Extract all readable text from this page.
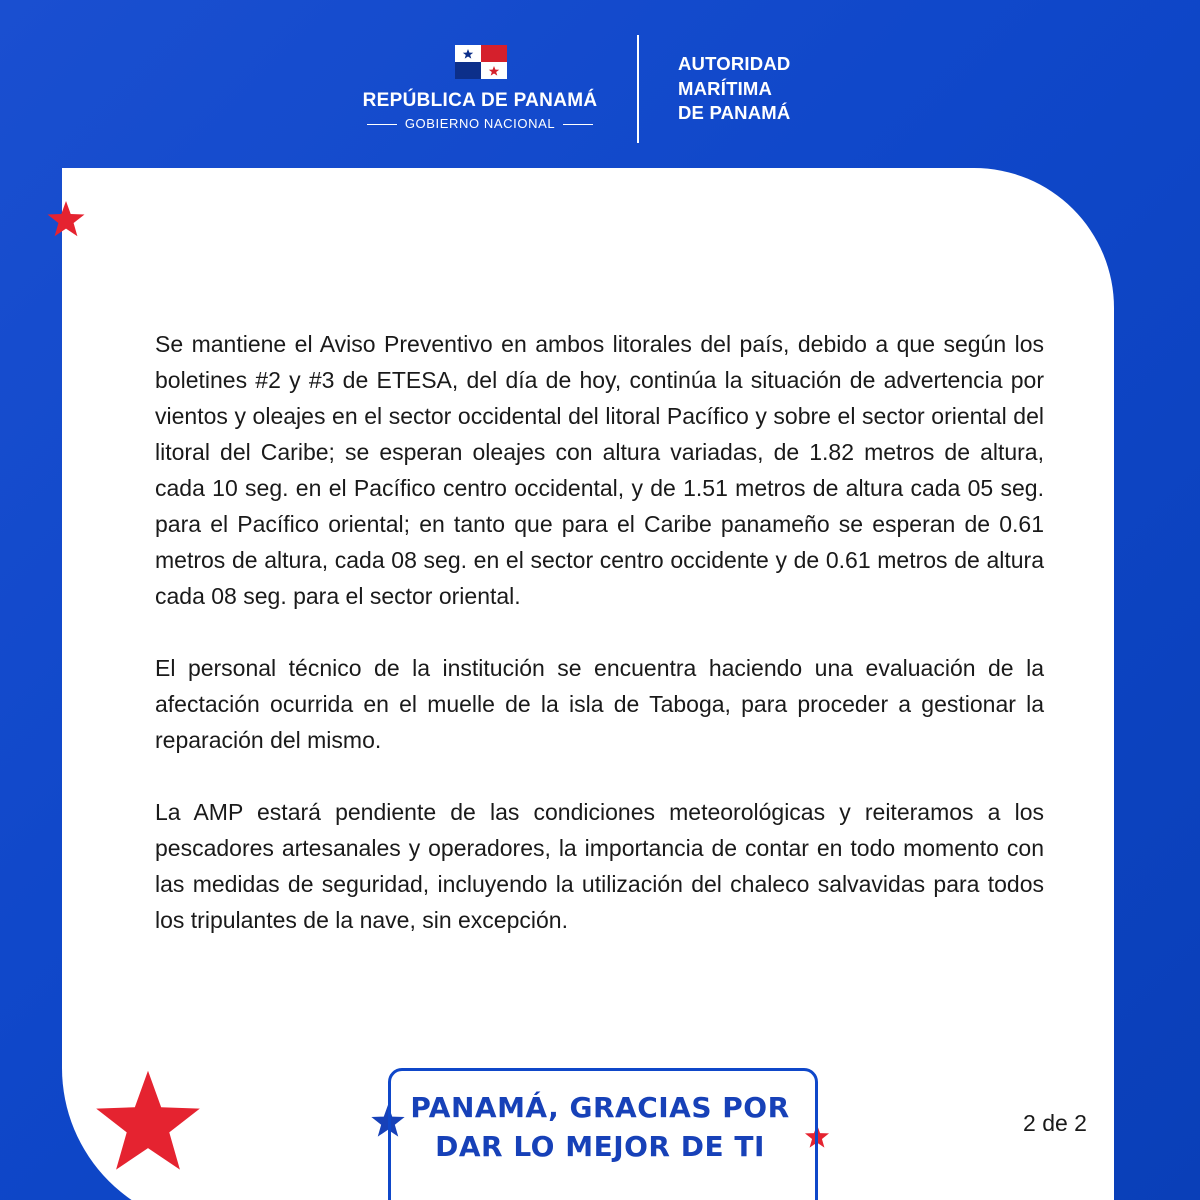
REPÚBLICA DE PANAMÁ
GOBIERNO NACIONAL
AUTORIDAD
MARÍTIMA
DE PANAMÁ

Se mantiene el Aviso Preventivo en ambos litorales del país, debido a que según los boletines #2 y #3 de ETESA, del día de hoy, continúa la situación de advertencia por vientos y oleajes en el sector occidental del litoral Pacífico y sobre el sector oriental del litoral del Caribe; se esperan oleajes con altura variadas, de 1.82 metros de altura, cada 10 seg. en el Pacífico centro occidental, y de 1.51 metros de altura cada 05 seg. para el Pacífico oriental; en tanto que para el Caribe panameño se esperan de 0.61 metros de altura, cada 08 seg. en el sector centro occidente y de 0.61 metros de altura cada 08 seg. para el sector oriental.

El personal técnico de la institución se encuentra haciendo una evaluación de la afectación ocurrida en el muelle de la isla de Taboga, para proceder a gestionar la reparación del mismo.

La AMP estará pendiente de las condiciones meteorológicas y reiteramos a los pescadores artesanales y operadores, la importancia de contar en todo momento con las medidas de seguridad, incluyendo la utilización del chaleco salvavidas para todos los tripulantes de la nave, sin excepción.

PANAMÁ, GRACIAS POR
DAR LO MEJOR DE TI
2 de 2
